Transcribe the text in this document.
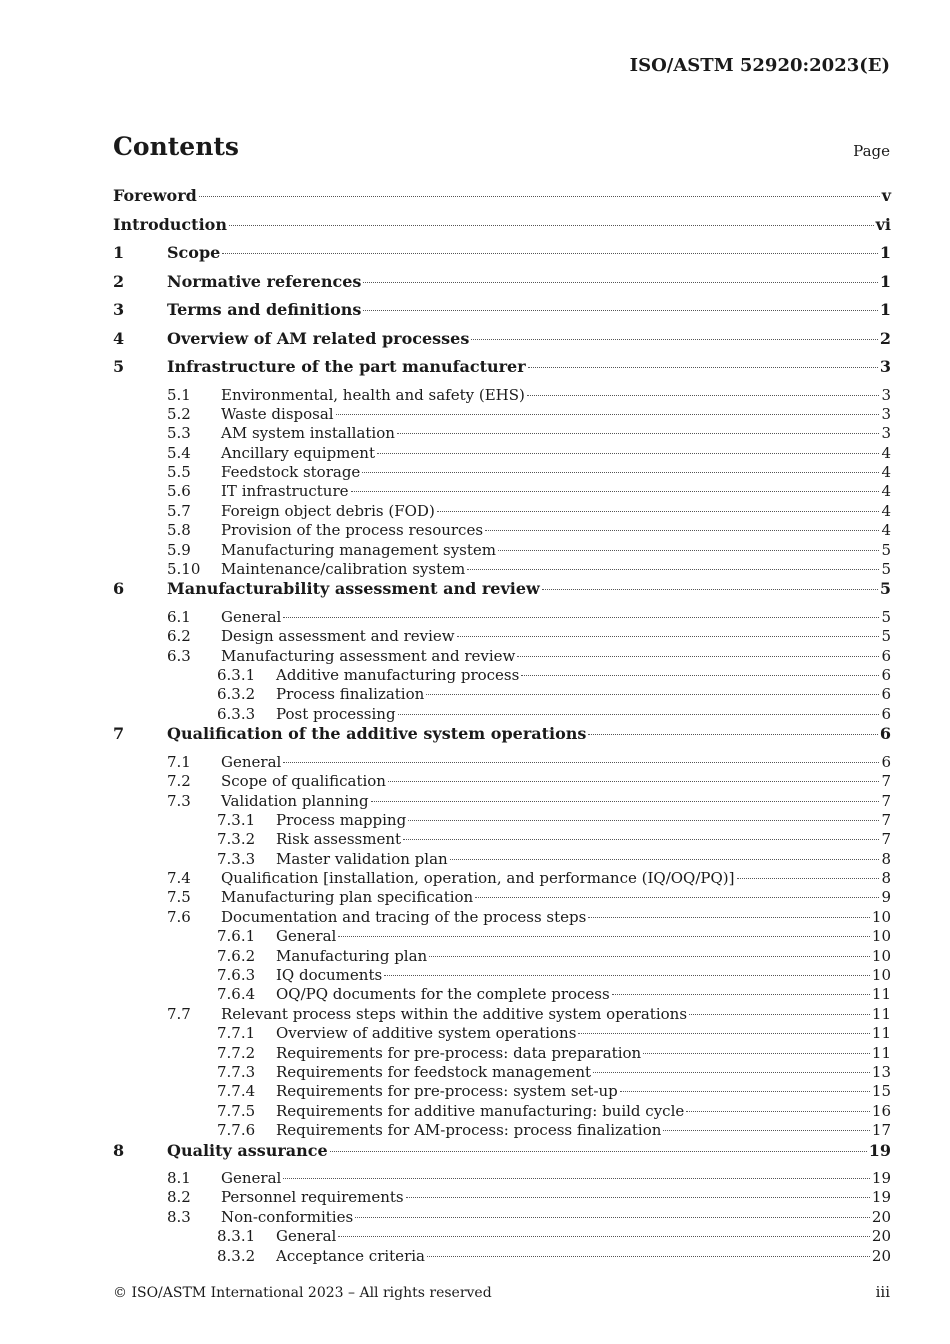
ISO/ASTM 52920:2023(E)
Contents	Page
Foreword	v
Introduction	vi
1	Scope	1
2	Normative references	1
3	Terms and definitions	1
4	Overview of AM related processes	2
5	Infrastructure of the part manufacturer	3
5.1	Environmental, health and safety (EHS)	3
5.2	Waste disposal	3
5.3	AM system installation	3
5.4	Ancillary equipment	4
5.5	Feedstock storage	4
5.6	IT infrastructure	4
5.7	Foreign object debris (FOD)	4
5.8	Provision of the process resources	4
5.9	Manufacturing management system	5
5.10	Maintenance/calibration system	5
6	Manufacturability assessment and review	5
6.1	General	5
6.2	Design assessment and review	5
6.3	Manufacturing assessment and review	6
6.3.1	Additive manufacturing process	6
6.3.2	Process finalization	6
6.3.3	Post processing	6
7	Qualification of the additive system operations	6
7.1	General	6
7.2	Scope of qualification	7
7.3	Validation planning	7
7.3.1	Process mapping	7
7.3.2	Risk assessment	7
7.3.3	Master validation plan	8
7.4	Qualification [installation, operation, and performance (IQ/OQ/PQ)]	8
7.5	Manufacturing plan specification	9
7.6	Documentation and tracing of the process steps	10
7.6.1	General	10
7.6.2	Manufacturing plan	10
7.6.3	IQ documents	10
7.6.4	OQ/PQ documents for the complete process	11
7.7	Relevant process steps within the additive system operations	11
7.7.1	Overview of additive system operations	11
7.7.2	Requirements for pre-process: data preparation	11
7.7.3	Requirements for feedstock management	13
7.7.4	Requirements for pre-process: system set-up	15
7.7.5	Requirements for additive manufacturing: build cycle	16
7.7.6	Requirements for AM-process: process finalization	17
8	Quality assurance	19
8.1	General	19
8.2	Personnel requirements	19
8.3	Non-conformities	20
8.3.1	General	20
8.3.2	Acceptance criteria	20
© ISO/ASTM International 2023 – All rights reserved	iii
